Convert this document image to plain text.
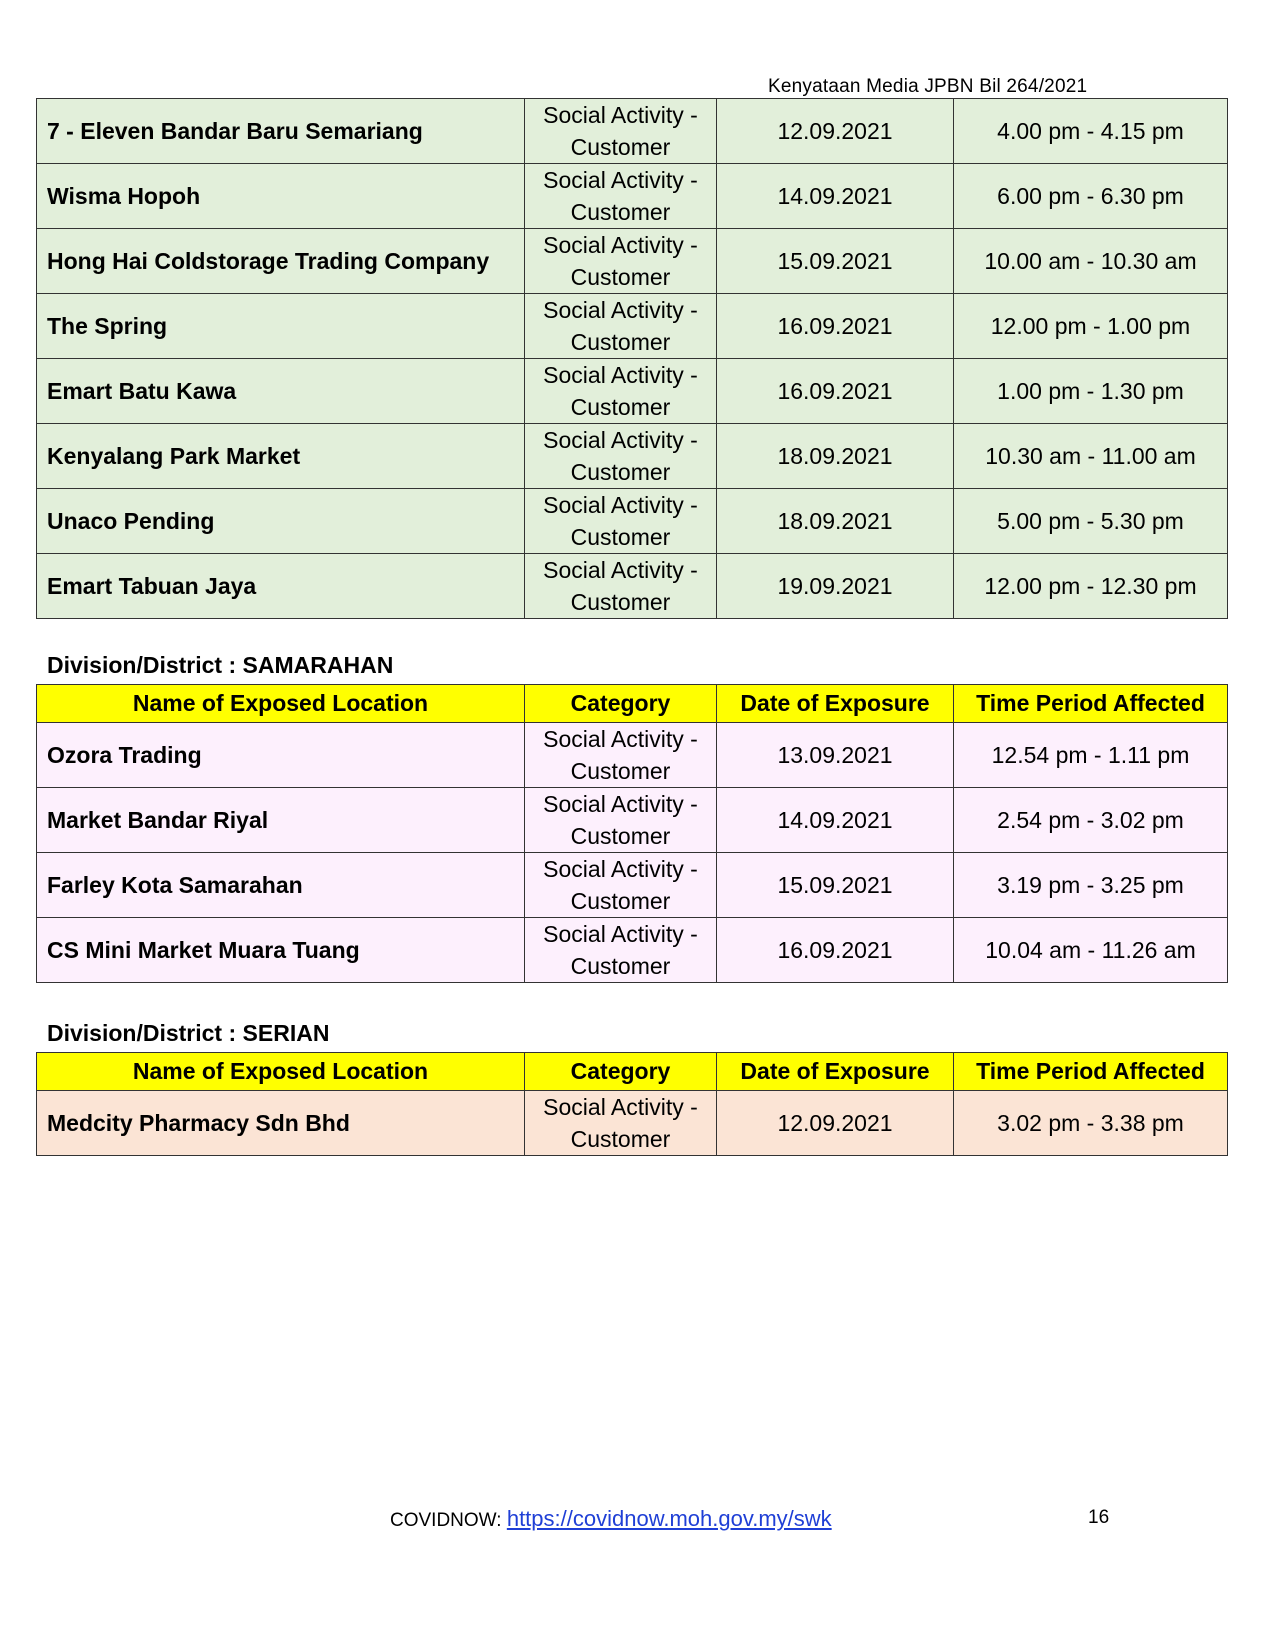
Kenyataan Media JPBN Bil 264/2021
7 - Eleven Bandar Baru Semariang	Social Activity -
Customer	12.09.2021	4.00 pm - 4.15 pm
Wisma Hopoh	Social Activity -
Customer	14.09.2021	6.00 pm - 6.30 pm
Hong Hai Coldstorage Trading Company	Social Activity -
Customer	15.09.2021	10.00 am - 10.30 am
The Spring	Social Activity -
Customer	16.09.2021	12.00 pm - 1.00 pm
Emart Batu Kawa	Social Activity -
Customer	16.09.2021	1.00 pm - 1.30 pm
Kenyalang Park Market	Social Activity -
Customer	18.09.2021	10.30 am - 11.00 am
Unaco Pending	Social Activity -
Customer	18.09.2021	5.00 pm - 5.30 pm
Emart Tabuan Jaya	Social Activity -
Customer	19.09.2021	12.00 pm - 12.30 pm
Division/District : SAMARAHAN
Name of Exposed Location	Category	Date of Exposure	Time Period Affected
Ozora Trading	Social Activity -
Customer	13.09.2021	12.54 pm - 1.11 pm
Market Bandar Riyal	Social Activity -
Customer	14.09.2021	2.54 pm - 3.02 pm
Farley Kota Samarahan	Social Activity -
Customer	15.09.2021	3.19 pm - 3.25 pm
CS Mini Market Muara Tuang	Social Activity -
Customer	16.09.2021	10.04 am - 11.26 am
Division/District : SERIAN
Name of Exposed Location	Category	Date of Exposure	Time Period Affected
Medcity Pharmacy Sdn Bhd	Social Activity -
Customer	12.09.2021	3.02 pm - 3.38 pm
COVIDNOW: https://covidnow.moh.gov.my/swk	16
